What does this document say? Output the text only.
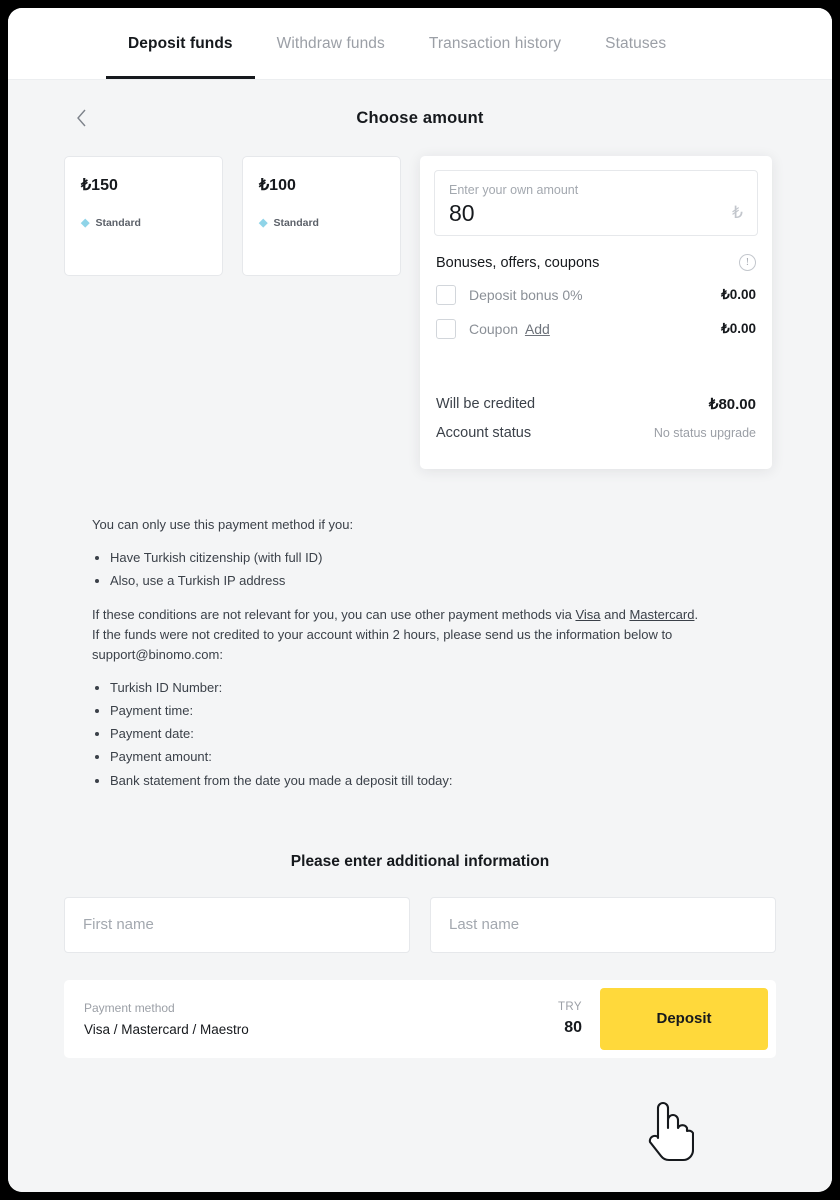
Deposit funds	Withdraw funds	Transaction history	Statuses
Choose amount
₺150
◆ Standard
₺100
◆ Standard
Enter your own amount
80	₺
Bonuses, offers, coupons	!
Deposit bonus 0%	₺0.00
Coupon Add	₺0.00
Will be credited	₺80.00
Account status	No status upgrade

You can only use this payment method if you:

• Have Turkish citizenship (with full ID)
• Also, use a Turkish IP address

If these conditions are not relevant for you, you can use other payment methods via Visa and Mastercard.
If the funds were not credited to your account within 2 hours, please send us the information below to support@binomo.com:

• Turkish ID Number:
• Payment time:
• Payment date:
• Payment amount:
• Bank statement from the date you made a deposit till today:
Please enter additional information
First name	Last name
Payment method
Visa / Mastercard / Maestro
TRY
80	Deposit
